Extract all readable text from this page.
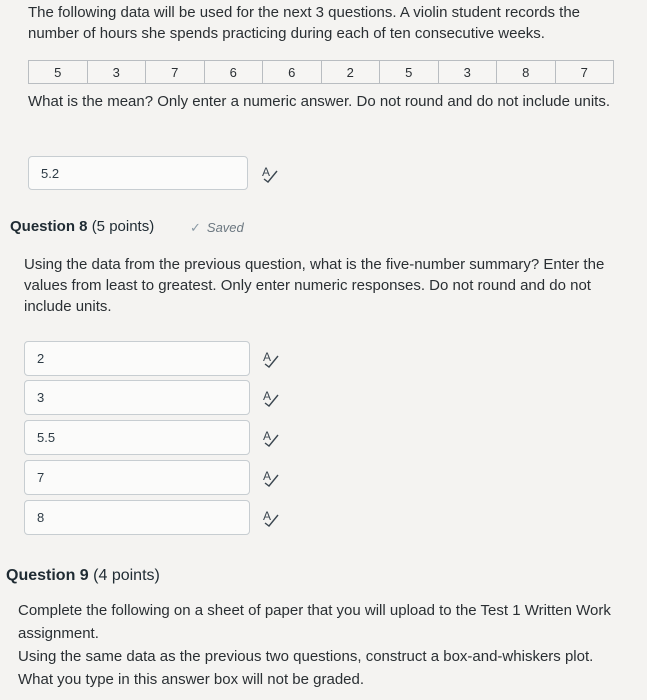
The following data will be used for the next 3 questions. A violin student records the number of hours she spends practicing during each of ten consecutive weeks.
5	3	7	6	6	2	5	3	8	7
What is the mean? Only enter a numeric answer. Do not round and do not include units.
5.2	A
Question 8 (5 points)	✓ Saved
Using the data from the previous question, what is the five-number summary? Enter the values from least to greatest. Only enter numeric responses. Do not round and do not include units.
2	A
3	A
5.5	A
7	A
8	A
Question 9 (4 points)
Complete the following on a sheet of paper that you will upload to the Test 1 Written Work assignment.
Using the same data as the previous two questions, construct a box-and-whiskers plot. What you type in this answer box will not be graded.
